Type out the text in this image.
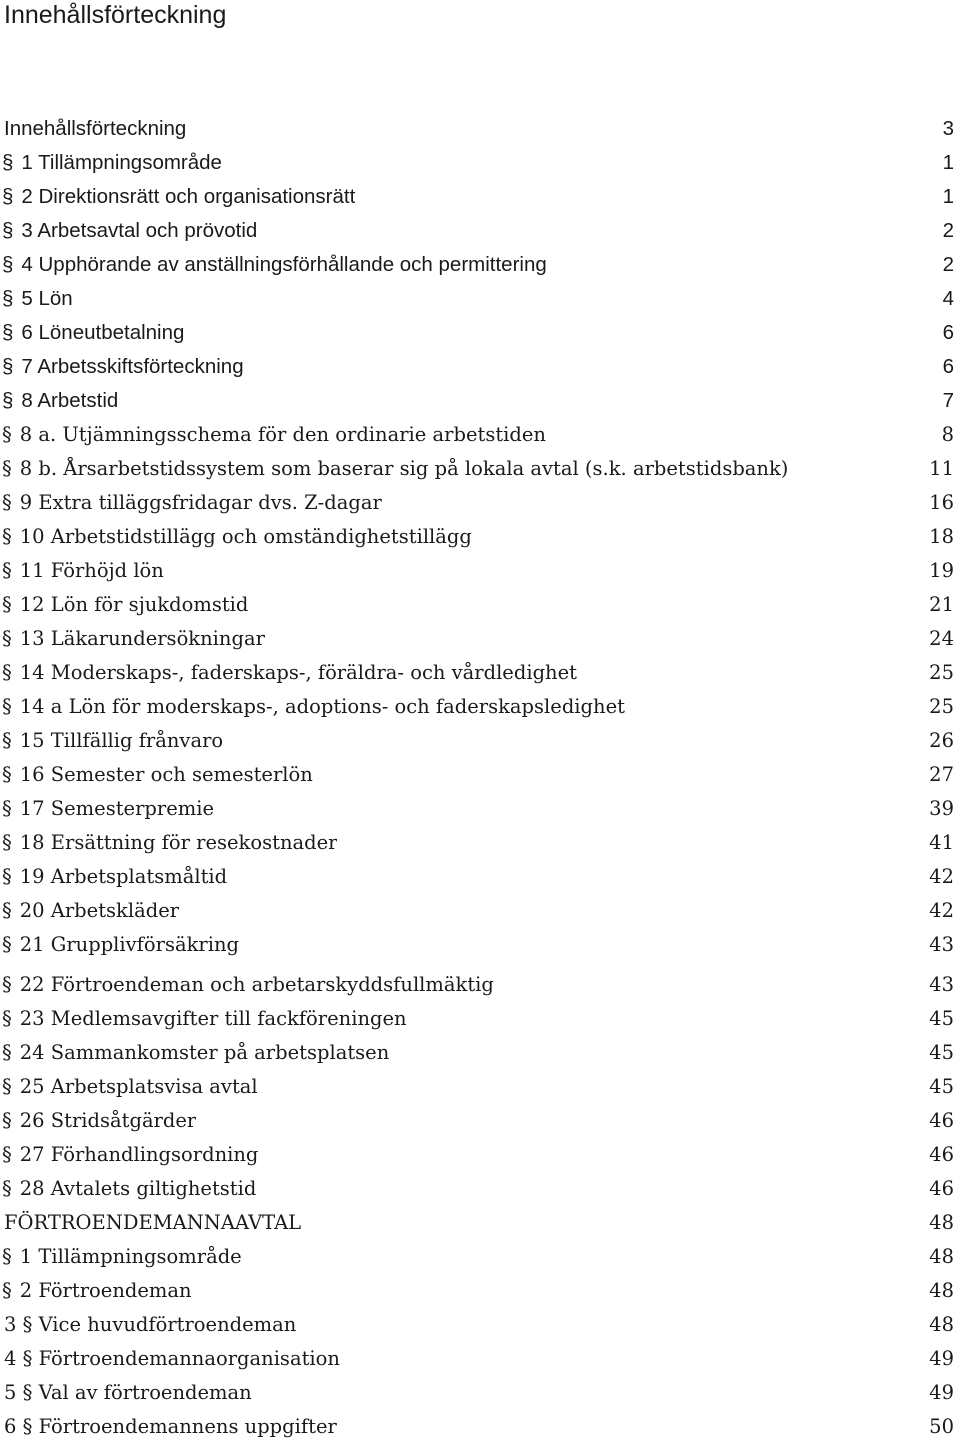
Innehållsförteckning
Innehållsförteckning	3
§ 1 Tillämpningsområde	1
§ 2 Direktionsrätt och organisationsrätt	1
§ 3 Arbetsavtal och prövotid	2
§ 4 Upphörande av anställningsförhållande och permittering	2
§ 5 Lön	4
§ 6 Löneutbetalning	6
§ 7 Arbetsskiftsförteckning	6
§ 8 Arbetstid	7
§ 8 a. Utjämningsschema för den ordinarie arbetstiden	8
§ 8 b. Årsarbetstidssystem som baserar sig på lokala avtal (s.k. arbetstidsbank)	11
§ 9 Extra tilläggsfridagar dvs. Z-dagar	16
§ 10 Arbetstidstillägg och omständighetstillägg	18
§ 11 Förhöjd lön	19
§ 12 Lön för sjukdomstid	21
§ 13 Läkarundersökningar	24
§ 14 Moderskaps-, faderskaps-, föräldra- och vårdledighet	25
§ 14 a Lön för moderskaps-, adoptions- och faderskapsledighet	25
§ 15 Tillfällig frånvaro	26
§ 16 Semester och semesterlön	27
§ 17 Semesterpremie	39
§ 18 Ersättning för resekostnader	41
§ 19 Arbetsplatsmåltid	42
§ 20 Arbetskläder	42
§ 21 Grupplivförsäkring	43
§ 22 Förtroendeman och arbetarskyddsfullmäktig	43
§ 23 Medlemsavgifter till fackföreningen	45
§ 24 Sammankomster på arbetsplatsen	45
§ 25 Arbetsplatsvisa avtal	45
§ 26 Stridsåtgärder	46
§ 27 Förhandlingsordning	46
§ 28 Avtalets giltighetstid	46
FÖRTROENDEMANNAAVTAL	48
§ 1 Tillämpningsområde	48
§ 2 Förtroendeman	48
3 § Vice huvudförtroendeman	48
4 § Förtroendemannaorganisation	49
5 § Val av förtroendeman	49
6 § Förtroendemannens uppgifter	50
